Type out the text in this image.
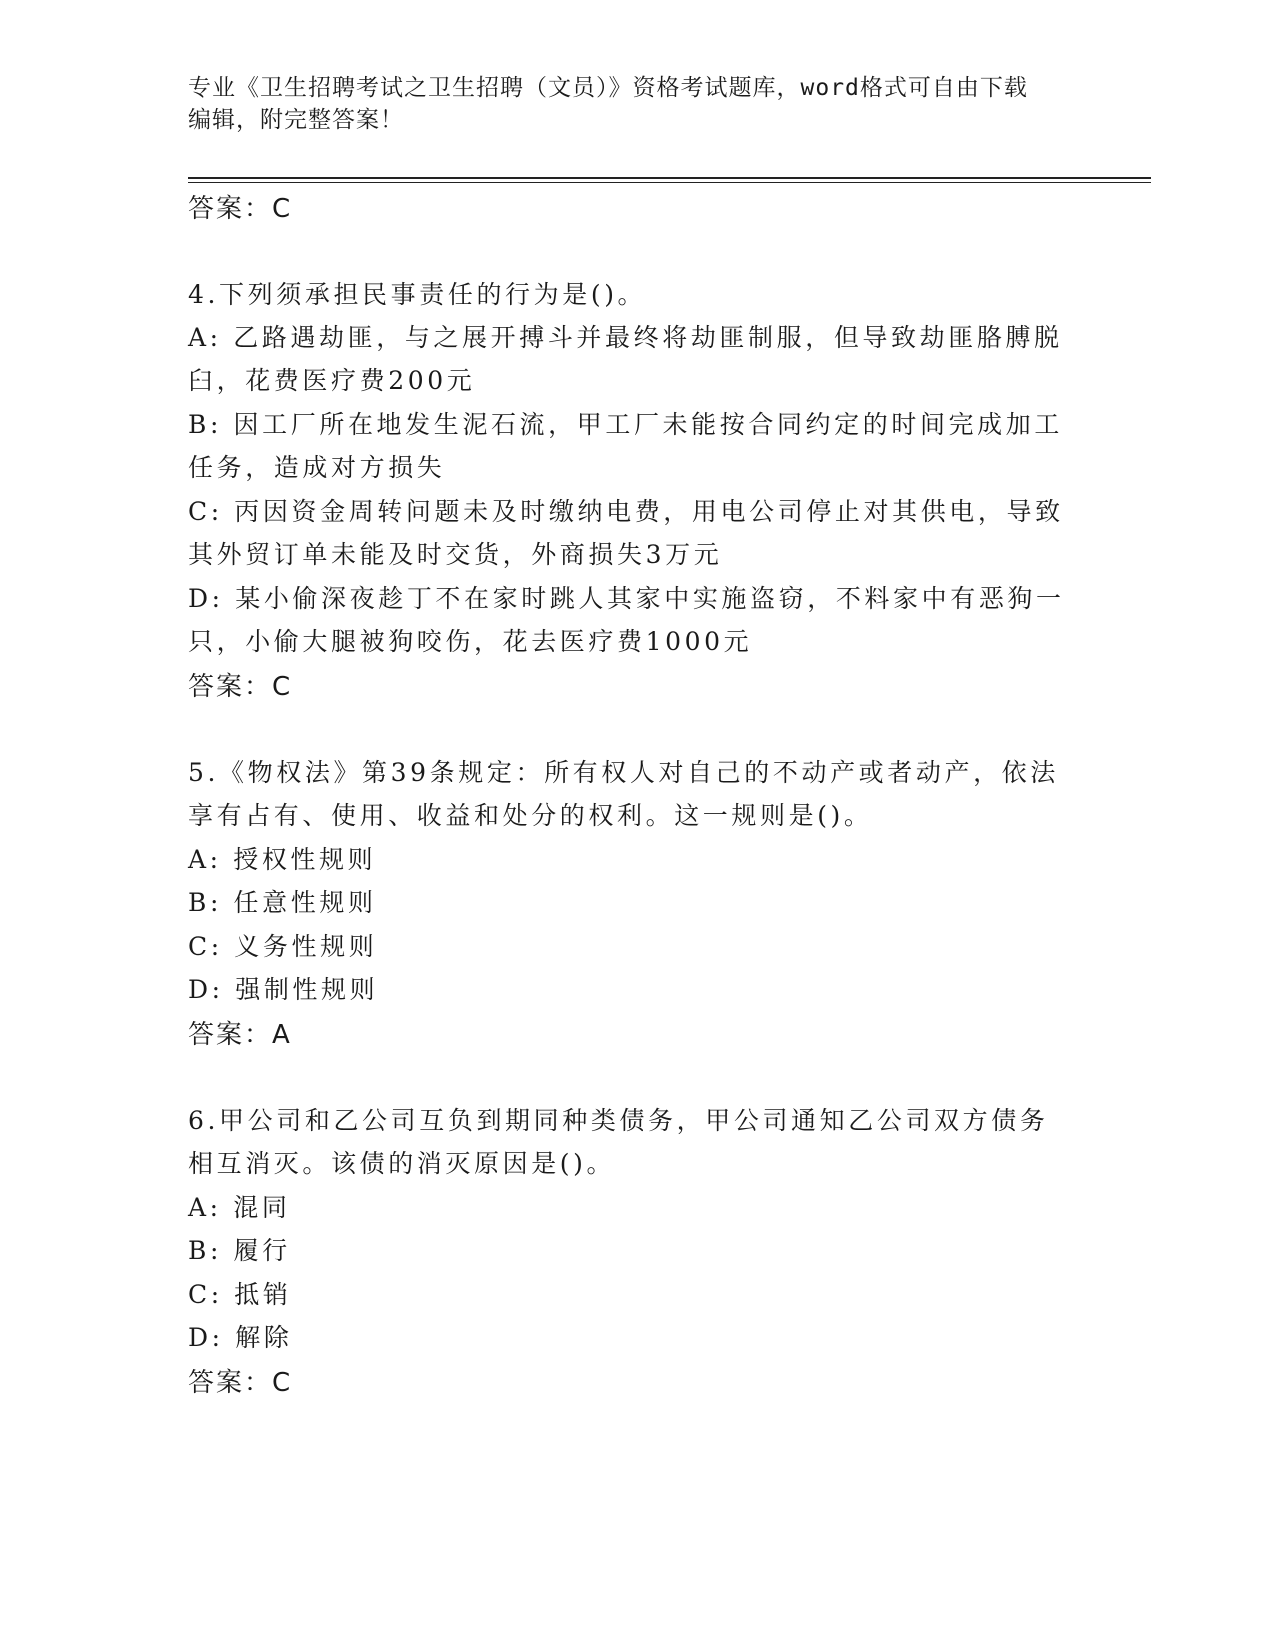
专业《卫生招聘考试之卫生招聘（文员）》资格考试题库，word格式可自由下载
编辑，附完整答案！
答案：C
4.下列须承担民事责任的行为是()。
A: 乙路遇劫匪，与之展开搏斗并最终将劫匪制服，但导致劫匪胳膊脱
臼，花费医疗费200元
B: 因工厂所在地发生泥石流，甲工厂未能按合同约定的时间完成加工
任务，造成对方损失
C: 丙因资金周转问题未及时缴纳电费，用电公司停止对其供电，导致
其外贸订单未能及时交货，外商损失3万元
D: 某小偷深夜趁丁不在家时跳人其家中实施盗窃，不料家中有恶狗一
只，小偷大腿被狗咬伤，花去医疗费1000元
答案：C
5.《物权法》第39条规定：所有权人对自己的不动产或者动产，依法
享有占有、使用、收益和处分的权利。这一规则是()。
A: 授权性规则
B: 任意性规则
C: 义务性规则
D: 强制性规则
答案：A
6.甲公司和乙公司互负到期同种类债务，甲公司通知乙公司双方债务
相互消灭。该债的消灭原因是()。
A: 混同
B: 履行
C: 抵销
D: 解除
答案：C
